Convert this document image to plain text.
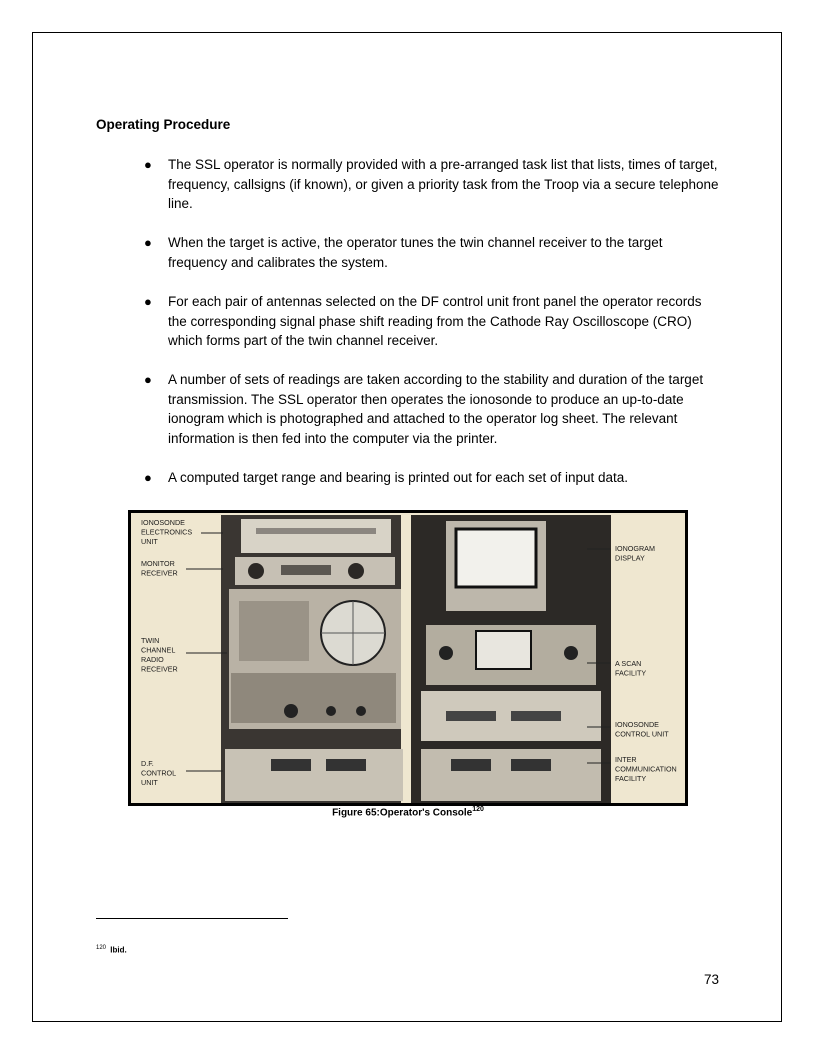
Operating Procedure
● The SSL operator is normally provided with a pre-arranged task list that lists, times of target, frequency, callsigns (if known), or given a priority task from the Troop via a secure telephone line.
● When the target is active, the operator tunes the twin channel receiver to the target frequency and calibrates the system.
● For each pair of antennas selected on the DF control unit front panel the operator records the corresponding signal phase shift reading from the Cathode Ray Oscilloscope (CRO) which forms part of the twin channel receiver.
● A number of sets of readings are taken according to the stability and duration of the target transmission. The SSL operator then operates the ionosonde to produce an up-to-date ionogram which is photographed and attached to the operator log sheet. The relevant information is then fed into the computer via the printer.
● A computed target range and bearing is printed out for each set of input data.
IONOSONDE ELECTRONICS UNIT
MONITOR RECEIVER
TWIN CHANNEL RADIO RECEIVER
D.F. CONTROL UNIT
IONOGRAM DISPLAY
A SCAN FACILITY
IONOSONDE CONTROL UNIT
INTER COMMUNICATION FACILITY
Figure 65:Operator's Console$^{120}$
$^{120}$ Ibid.
73
